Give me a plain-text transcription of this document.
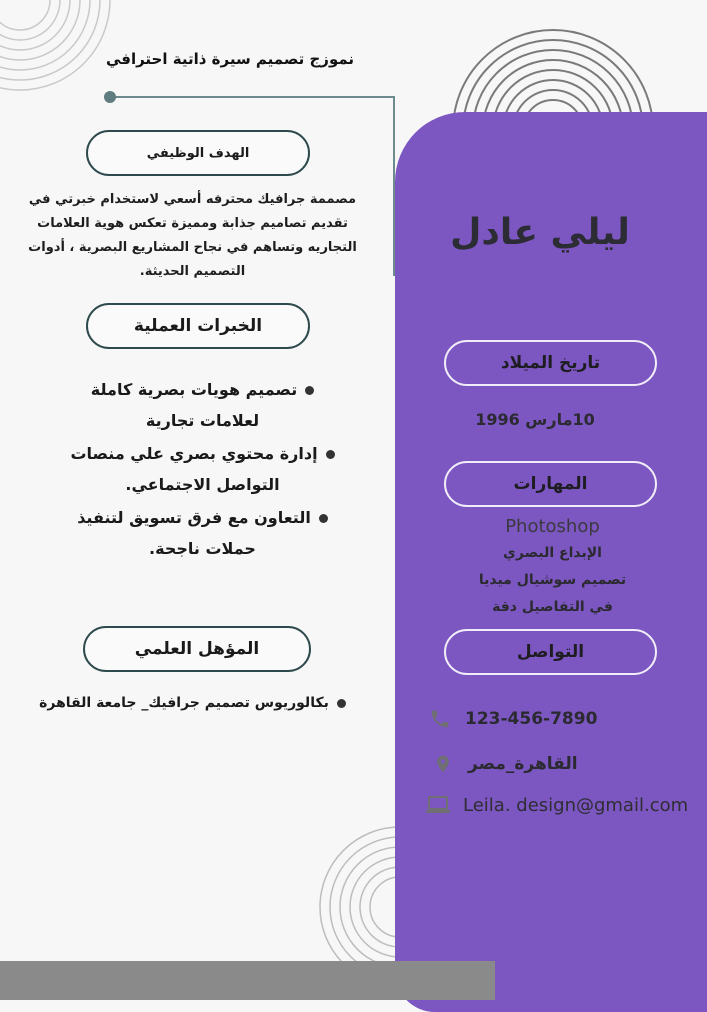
نموزج تصميم سيرة ذاتية احترافي
الهدف الوظيفي
مصممة جرافيك محترفه أسعي لاستخدام خبرتي في تقديم تصاميم جذابة ومميزة تعكس هوية العلامات التجاريه وتساهم في نجاح المشاريع البصرية ، أدوات التصميم الحديثة.
الخبرات العملية
تصميم هويات بصرية كاملة لعلامات تجارية
إدارة محتوي بصري علي منصات التواصل الاجتماعي.
التعاون مع فرق تسويق لتنفيذ حملات ناجحة.
المؤهل العلمي
بكالوريوس تصميم جرافيك_ جامعة القاهرة
ليلي عادل
تاريخ الميلاد
10مارس 1996
المهارات
Photoshop
الإبداع البصري
تصميم سوشيال ميديا
في التفاصيل دقة
التواصل
123-456-7890
القاهرة_مصر
Leila. design@gmail.com
